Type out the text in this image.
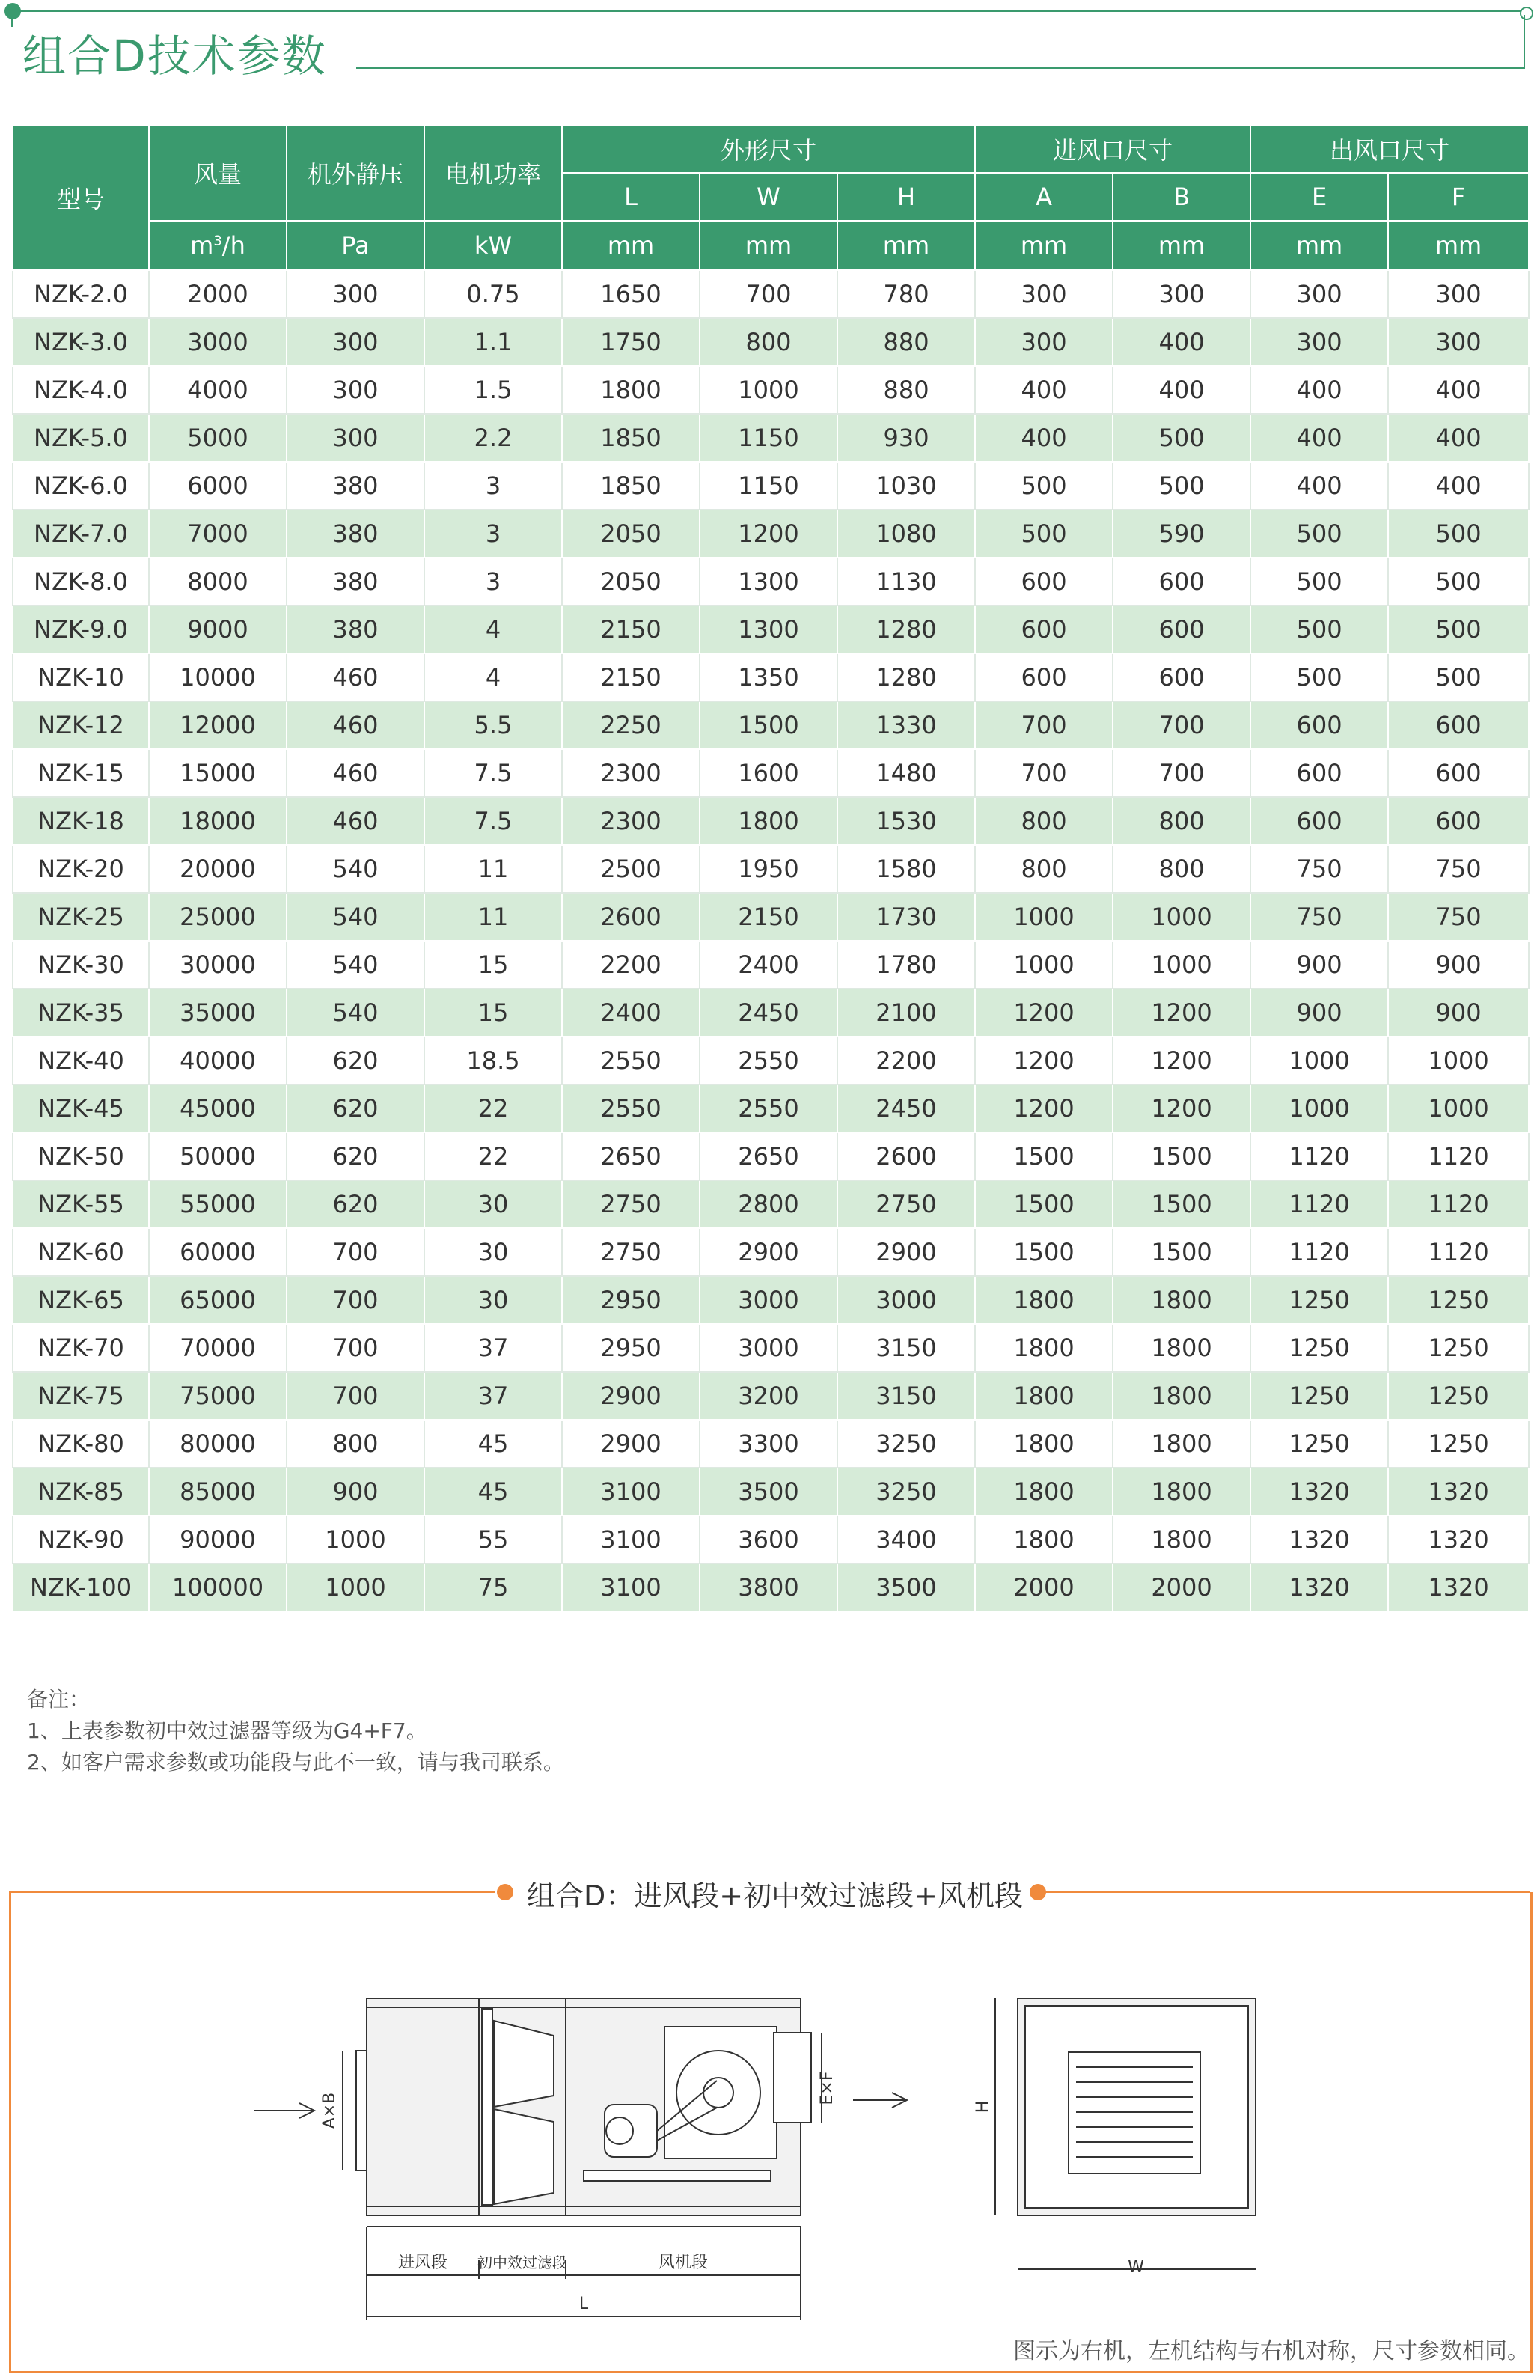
组合D技术参数
型号	风量	机外静压	电机功率	外形尺寸			进风口尺寸		出风口尺寸	
				L	W	H	A	B	E	F
	$m^3/h$	Pa	kW	mm	mm	mm	mm	mm	mm	mm
NZK-2.0	2000	300	0.75	1650	700	780	300	300	300	300
NZK-3.0	3000	300	1.1	1750	800	880	300	400	300	300
NZK-4.0	4000	300	1.5	1800	1000	880	400	400	400	400
NZK-5.0	5000	300	2.2	1850	1150	930	400	500	400	400
NZK-6.0	6000	380	3	1850	1150	1030	500	500	400	400
NZK-7.0	7000	380	3	2050	1200	1080	500	590	500	500
NZK-8.0	8000	380	3	2050	1300	1130	600	600	500	500
NZK-9.0	9000	380	4	2150	1300	1280	600	600	500	500
NZK-10	10000	460	4	2150	1350	1280	600	600	500	500
NZK-12	12000	460	5.5	2250	1500	1330	700	700	600	600
NZK-15	15000	460	7.5	2300	1600	1480	700	700	600	600
NZK-18	18000	460	7.5	2300	1800	1530	800	800	600	600
NZK-20	20000	540	11	2500	1950	1580	800	800	750	750
NZK-25	25000	540	11	2600	2150	1730	1000	1000	750	750
NZK-30	30000	540	15	2200	2400	1780	1000	1000	900	900
NZK-35	35000	540	15	2400	2450	2100	1200	1200	900	900
NZK-40	40000	620	18.5	2550	2550	2200	1200	1200	1000	1000
NZK-45	45000	620	22	2550	2550	2450	1200	1200	1000	1000
NZK-50	50000	620	22	2650	2650	2600	1500	1500	1120	1120
NZK-55	55000	620	30	2750	2800	2750	1500	1500	1120	1120
NZK-60	60000	700	30	2750	2900	2900	1500	1500	1120	1120
NZK-65	65000	700	30	2950	3000	3000	1800	1800	1250	1250
NZK-70	70000	700	37	2950	3000	3150	1800	1800	1250	1250
NZK-75	75000	700	37	2900	3200	3150	1800	1800	1250	1250
NZK-80	80000	800	45	2900	3300	3250	1800	1800	1250	1250
NZK-85	85000	900	45	3100	3500	3250	1800	1800	1320	1320
NZK-90	90000	1000	55	3100	3600	3400	1800	1800	1320	1320
NZK-100	100000	1000	75	3100	3800	3500	2000	2000	1320	1320
备注：
1、上表参数初中效过滤器等级为G4+F7。
2、如客户需求参数或功能段与此不一致，请与我司联系。
组合D：进风段+初中效过滤段+风机段
A×B
E×F
进风段 初中效过滤段	风机段
L
H
W
图示为右机，左机结构与右机对称，尺寸参数相同。
